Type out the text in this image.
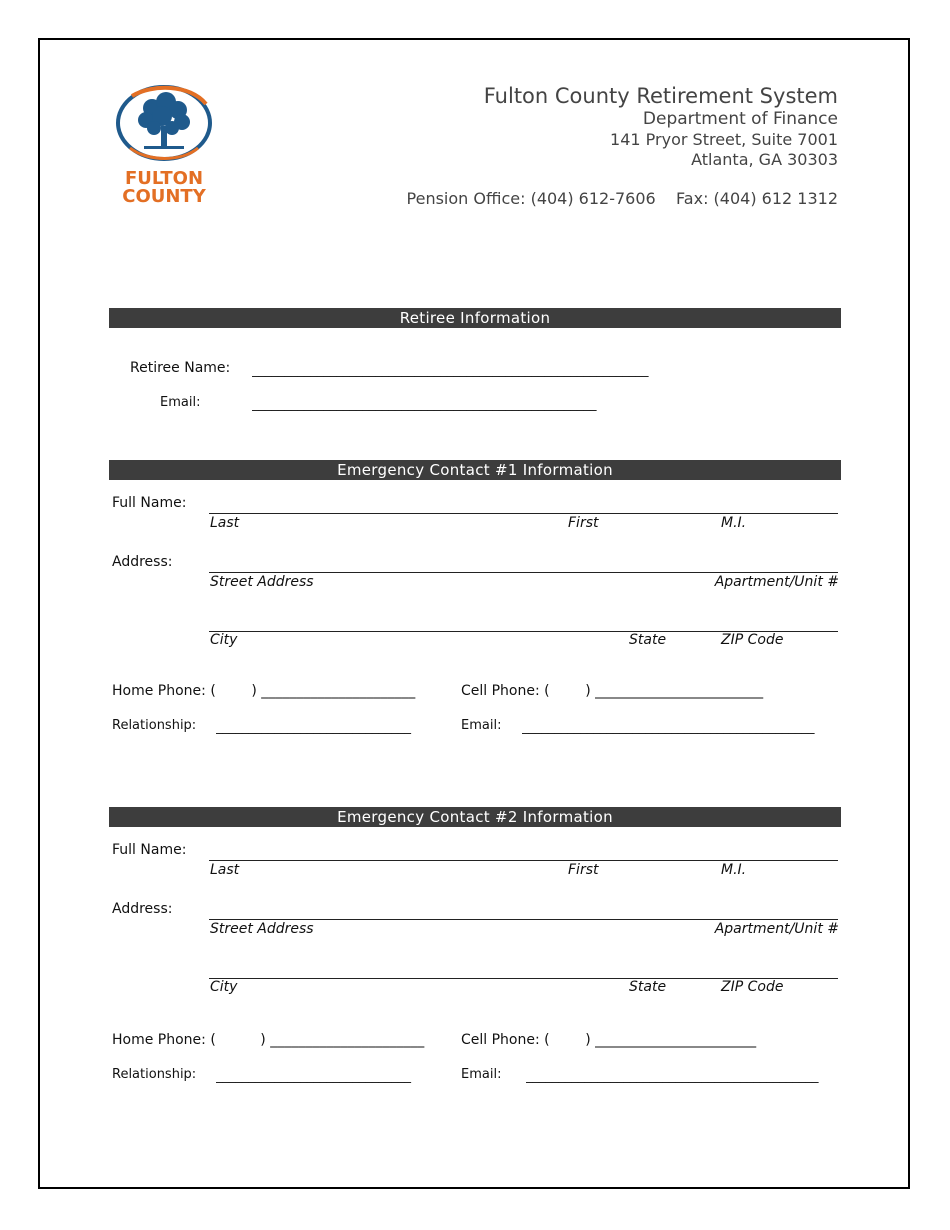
FULTON
COUNTY
Fulton County Retirement System
Department of Finance
141 Pryor Street, Suite 7001
Atlanta, GA 30303
Pension Office: (404) 612-7606    Fax: (404) 612 1312
Retiree Information
Retiree Name: _____________________________________________________________
Email:	_____________________________________________________
Emergency Contact #1 Information
Full Name:
Last	First	M.I.
Address:
Street Address	Apartment/Unit #
City	State	ZIP Code
Home Phone: (        ) ______________________	Cell Phone: (        ) ________________________
Relationship: ______________________________	Email: _____________________________________________
Emergency Contact #2 Information
Full Name:
Last	First	M.I.
Address:
Street Address	Apartment/Unit #
City	State	ZIP Code
Home Phone: (          ) ______________________	Cell Phone: (        ) _______________________
Relationship: ______________________________	Email: _____________________________________________
